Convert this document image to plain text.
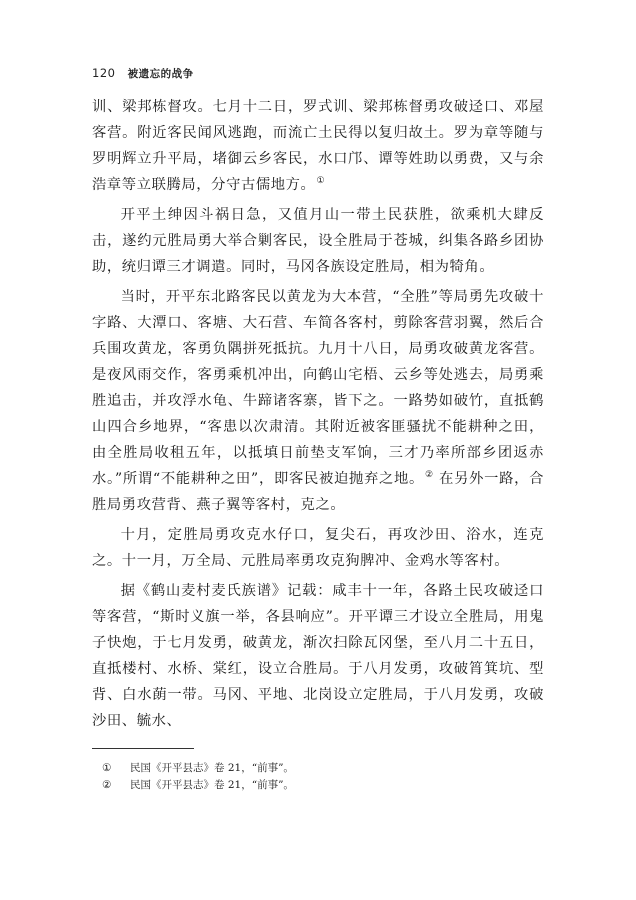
120 被遗忘的战争

训、梁邦栋督攻。七月十二日，罗式训、梁邦栋督勇攻破迳口、邓屋客营。附近客民闻风逃跑，而流亡土民得以复归故土。罗为章等随与罗明辉立升平局，堵御云乡客民，水口邝、谭等姓助以勇费，又与余浩章等立联腾局，分守古儒地方。①

开平土绅因斗祸日急，又值月山一带土民获胜，欲乘机大肆反击，遂约元胜局勇大举合剿客民，设全胜局于苍城，纠集各路乡团协助，统归谭三才调遣。同时，马冈各族设定胜局，相为犄角。

当时，开平东北路客民以黄龙为大本营，“全胜”等局勇先攻破十字路、大潭口、客塘、大石营、车简各客村，剪除客营羽翼，然后合兵围攻黄龙，客勇负隅拼死抵抗。九月十八日，局勇攻破黄龙客营。是夜风雨交作，客勇乘机冲出，向鹤山宅梧、云乡等处逃去，局勇乘胜追击，并攻浮水龟、牛蹄诸客寨，皆下之。一路势如破竹，直抵鹤山四合乡地界，“客患以次肃清。其附近被客匪骚扰不能耕种之田，由全胜局收租五年，以抵填日前垫支军饷，三才乃率所部乡团返赤水。”所谓“不能耕种之田”，即客民被迫抛弃之地。② 在另外一路，合胜局勇攻营背、燕子翼等客村，克之。

十月，定胜局勇攻克水仔口，复尖石，再攻沙田、浴水，连克之。十一月，万全局、元胜局率勇攻克狗脾冲、金鸡水等客村。

据《鹤山麦村麦氏族谱》记载：咸丰十一年，各路土民攻破迳口等客营，“斯时义旗一举，各县响应”。开平谭三才设立全胜局，用鬼子快炮，于七月发勇，破黄龙，渐次扫除瓦冈堡，至八月二十五日，直抵楼村、水桥、棠红，设立合胜局。于八月发勇，攻破筲箕坑、型背、白水蓢一带。马冈、平地、北岗设立定胜局，于八月发勇，攻破沙田、毓水、

①	民国《开平县志》卷 21，“前事”。
②	民国《开平县志》卷 21，“前事”。
